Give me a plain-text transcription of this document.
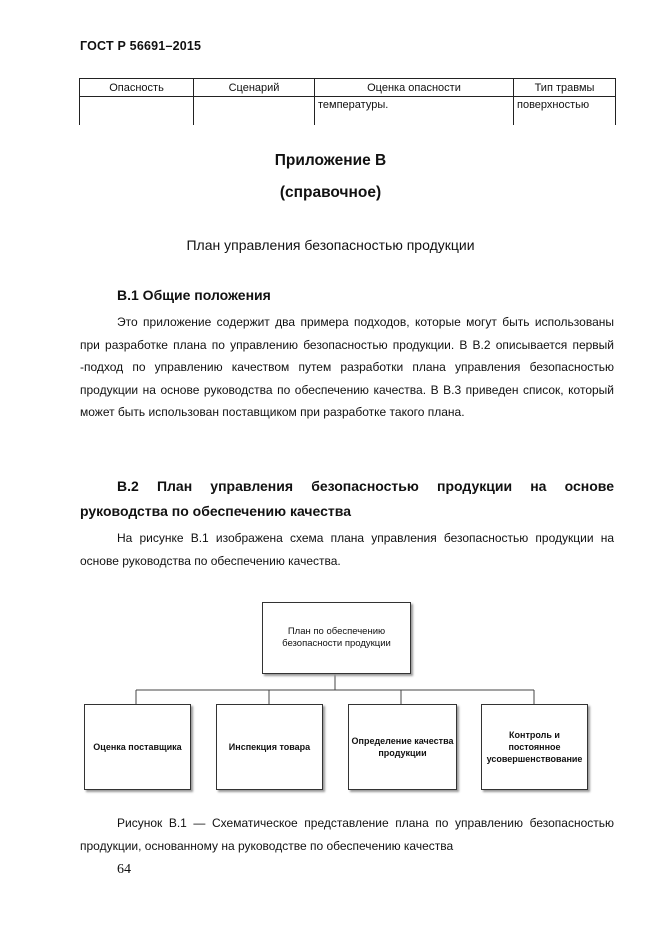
ГОСТ Р 56691–2015
Опасность	Сценарий	Оценка опасности	Тип травмы
		температуры.	поверхностью
Приложение В
(справочное)
План управления безопасностью продукции
В.1 Общие положения
Это приложение содержит два примера подходов, которые могут быть использованы при разработке плана по управлению безопасностью продукции. В В.2 описывается первый -подход по управлению качеством путем разработки плана управления безопасностью продукции на основе руководства по обеспечению качества. В В.3 приведен список, который может быть использован поставщиком при разработке такого плана.
В.2 План управления безопасностью продукции на основе руководства по обеспечению качества
На рисунке В.1 изображена схема плана управления безопасностью продукции на основе руководства по обеспечению качества.
План по обеспечению безопасности продукции
Оценка поставщика	Инспекция товара
Определение качества продукции
Контроль и постоянное усовершенствование
Рисунок В.1 — Схематическое представление плана по управлению безопасностью продукции, основанному на руководстве по обеспечению качества
64
